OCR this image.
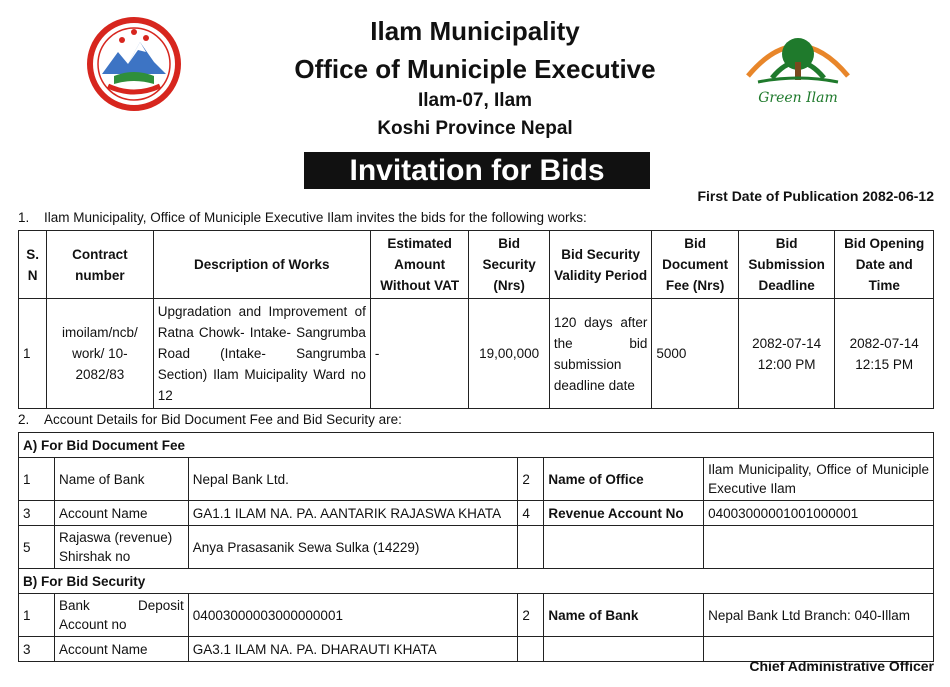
Ilam Municipality
Office of Municiple Executive
Ilam-07, Ilam
Koshi Province Nepal
Green Ilam
Invitation for Bids
First Date of Publication 2082-06-12
1. Ilam Municipality, Office of Municiple Executive Ilam invites the bids for the following works:
S. N	Contract number	Description of Works	Estimated Amount Without VAT	Bid Security (Nrs)	Bid Security Validity Period	Bid Document Fee (Nrs)	Bid Submission Deadline	Bid Opening Date and Time
1	imoilam/ncb/ work/ 10-2082/83	Upgradation and Improvement of Ratna Chowk- Intake- Sangrumba Road (Intake- Sangrumba Section) Ilam Muicipality Ward no 12	-	19,00,000	120 days after the bid submission deadline date	5000	2082-07-14 12:00 PM	2082-07-14 12:15 PM
2. Account Details for Bid Document Fee and Bid Security are:
A) For Bid Document Fee					
1	Name of Bank	Nepal Bank Ltd.	2	Name of Office	Ilam Municipality, Office of Municiple Executive Ilam
3	Account Name	GA1.1 ILAM NA. PA. AANTARIK RAJASWA KHATA	4	Revenue Account No	04003000001001000001
5	Rajaswa (revenue) Shirshak no	Anya Prasasanik Sewa Sulka (14229)			
B) For Bid Security					
1	Bank Deposit Account no	04003000003000000001	2	Name of Bank	Nepal Bank Ltd Branch: 040-Illam
3	Account Name	GA3.1 ILAM NA. PA. DHARAUTI KHATA			
Chief Administrative Officer
